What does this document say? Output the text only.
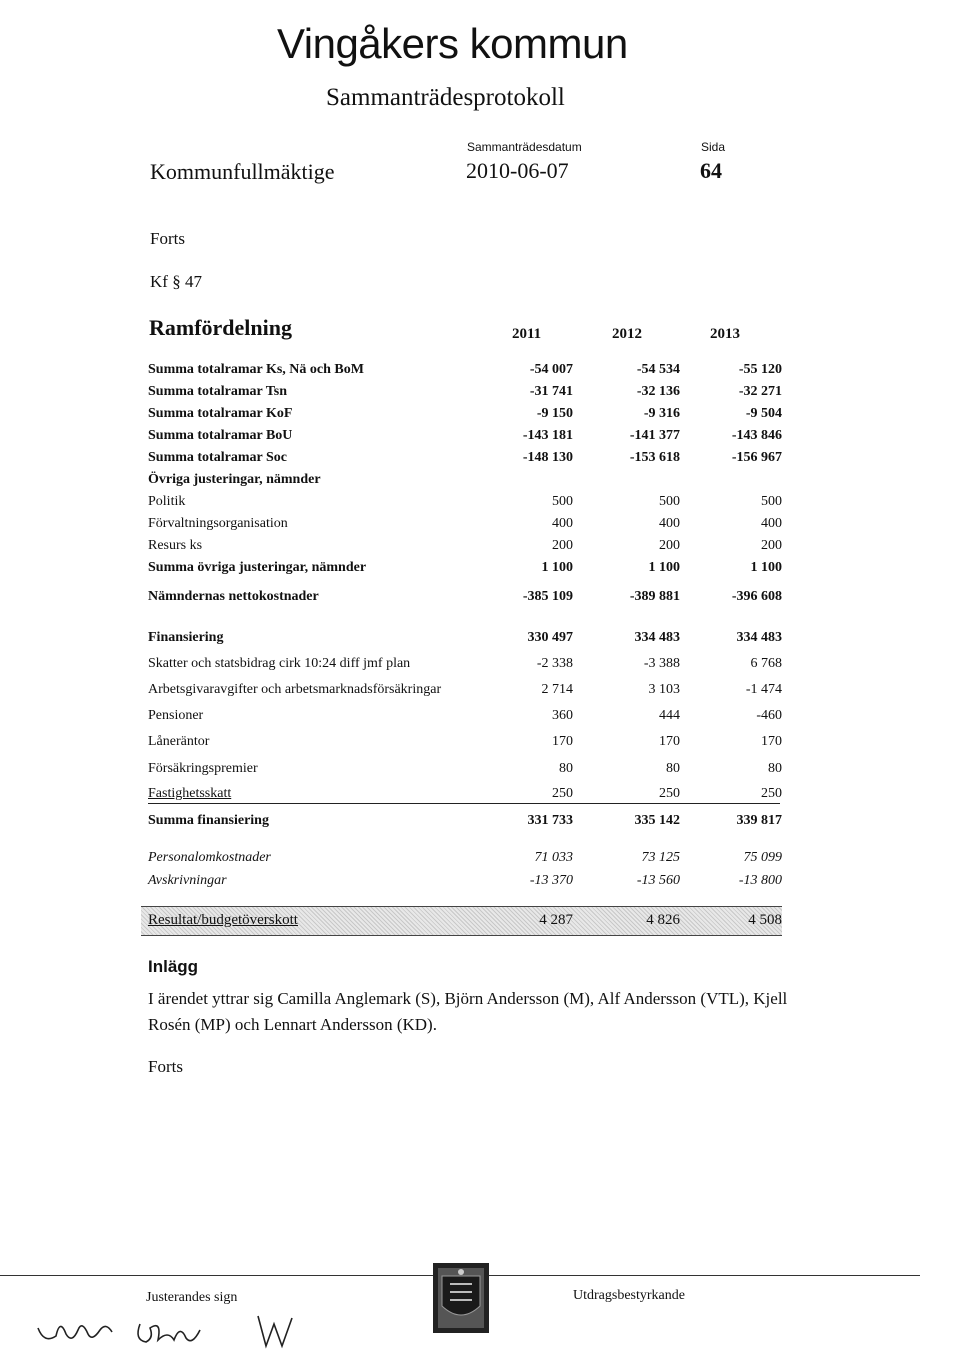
Vingåkers kommun
Sammanträdesprotokoll
Sammanträdesdatum	Sida
Kommunfullmäktige	2010-06-07	64
Forts
Kf § 47
Ramfördelning	2011	2012	2013
Summa totalramar Ks, Nä och BoM	-54 007	-54 534	-55 120
Summa totalramar Tsn	-31 741	-32 136	-32 271
Summa totalramar KoF	-9 150	-9 316	-9 504
Summa totalramar BoU	-143 181	-141 377	-143 846
Summa totalramar Soc	-148 130	-153 618	-156 967
Övriga justeringar, nämnder
Politik	500	500	500
Förvaltningsorganisation	400	400	400
Resurs ks	200	200	200
Summa övriga justeringar, nämnder	1 100	1 100	1 100
Nämndernas nettokostnader	-385 109	-389 881	-396 608
Finansiering	330 497	334 483	334 483
Skatter och statsbidrag cirk 10:24 diff jmf plan	-2 338	-3 388	6 768
Arbetsgivaravgifter och arbetsmarknadsförsäkringar	2 714	3 103	-1 474
Pensioner	360	444	-460
Låneräntor	170	170	170
Försäkringspremier	80	80	80
Fastighetsskatt	250	250	250
Summa finansiering	331 733	335 142	339 817
Personalomkostnader	71 033	73 125	75 099
Avskrivningar	-13 370	-13 560	-13 800
Resultat/budgetöverskott	4 287	4 826	4 508
Inlägg
I ärendet yttrar sig Camilla Anglemark (S), Björn Andersson (M), Alf Andersson (VTL), Kjell Rosén (MP) och Lennart Andersson (KD).
Forts
Justerandes sign	Utdragsbestyrkande
